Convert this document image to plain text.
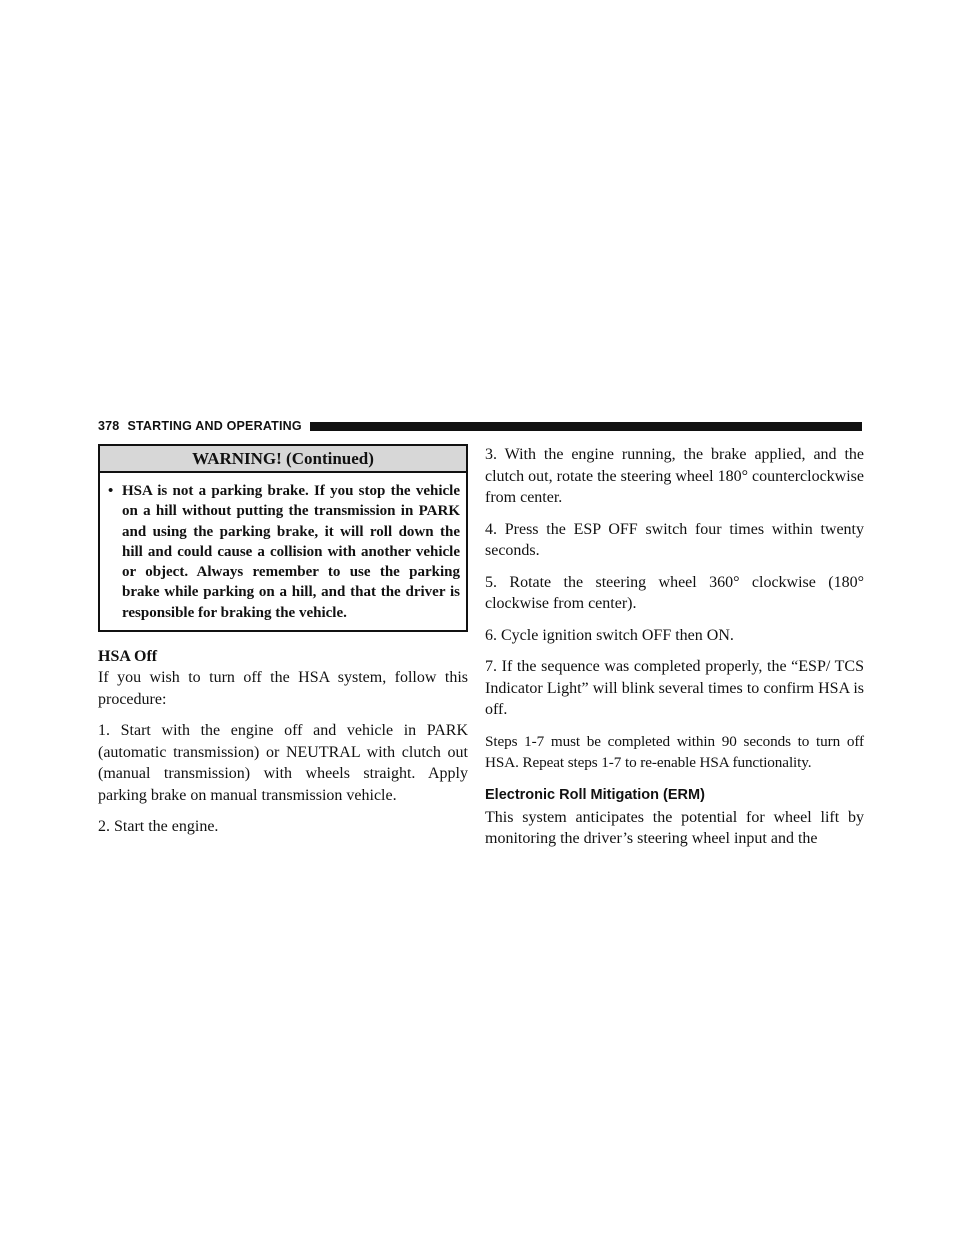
378 STARTING AND OPERATING
WARNING! (Continued)
• HSA is not a parking brake. If you stop the vehicle on a hill without putting the transmission in PARK and using the parking brake, it will roll down the hill and could cause a collision with another vehicle or object. Always remember to use the parking brake while parking on a hill, and that the driver is responsible for braking the vehicle.
HSA Off

If you wish to turn off the HSA system, follow this procedure:

1. Start with the engine off and vehicle in PARK (automatic transmission) or NEUTRAL with clutch out (manual transmission) with wheels straight. Apply parking brake on manual transmission vehicle.

2. Start the engine.

3. With the engine running, the brake applied, and the clutch out, rotate the steering wheel 180° counterclockwise from center.

4. Press the ESP OFF switch four times within twenty seconds.

5. Rotate the steering wheel 360° clockwise (180° clockwise from center).

6. Cycle ignition switch OFF then ON.

7. If the sequence was completed properly, the “ESP/ TCS Indicator Light” will blink several times to confirm HSA is off.

Steps 1-7 must be completed within 90 seconds to turn off HSA. Repeat steps 1-7 to re-enable HSA functionality.

Electronic Roll Mitigation (ERM)

This system anticipates the potential for wheel lift by monitoring the driver’s steering wheel input and the
